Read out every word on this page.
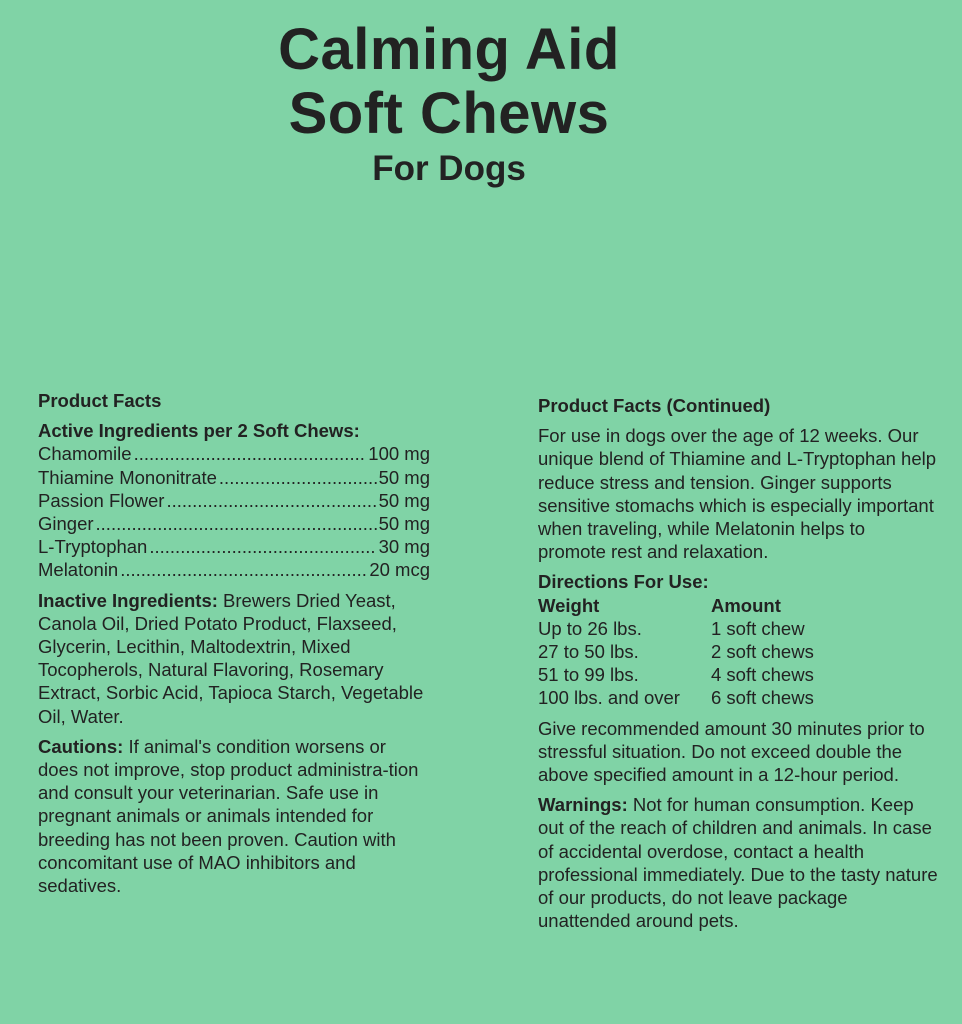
Calming Aid
Soft Chews
For Dogs
Product Facts
Active Ingredients per 2 Soft Chews:
Chamomile .....	100 mg
Thiamine Mononitrate .....	50 mg
Passion Flower .....	50 mg
Ginger .....	50 mg
L-Tryptophan .....	30 mg
Melatonin .....	20 mcg
Inactive Ingredients: Brewers Dried Yeast, Canola Oil, Dried Potato Product, Flaxseed, Glycerin, Lecithin, Maltodextrin, Mixed Tocopherols, Natural Flavoring, Rosemary Extract, Sorbic Acid, Tapioca Starch, Vegetable Oil, Water.
Cautions: If animal's condition worsens or does not improve, stop product administra-tion and consult your veterinarian. Safe use in pregnant animals or animals intended for breeding has not been proven. Caution with concomitant use of MAO inhibitors and sedatives.
Product Facts (Continued)
For use in dogs over the age of 12 weeks. Our unique blend of Thiamine and L-Tryptophan help reduce stress and tension. Ginger supports sensitive stomachs which is especially important when traveling, while Melatonin helps to promote rest and relaxation.
Directions For Use:
Weight	Amount
Up to 26 lbs.	1 soft chew
27 to 50 lbs.	2 soft chews
51 to 99 lbs.	4 soft chews
100 lbs. and over	6 soft chews
Give recommended amount 30 minutes prior to stressful situation. Do not exceed double the above specified amount in a 12-hour period.
Warnings: Not for human consumption. Keep out of the reach of children and animals. In case of accidental overdose, contact a health professional immediately. Due to the tasty nature of our products, do not leave package unattended around pets.
